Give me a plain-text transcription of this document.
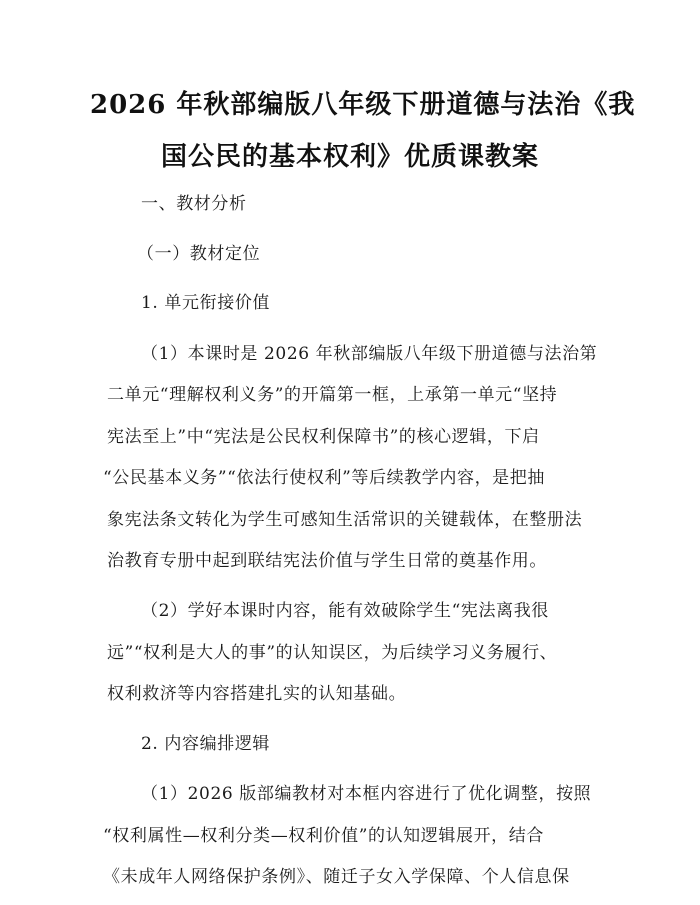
2026 年秋部编版八年级下册道德与法治《我
国公民的基本权利》优质课教案
一、教材分析
（一）教材定位
1. 单元衔接价值
（1）本课时是 2026 年秋部编版八年级下册道德与法治第
二单元“理解权利义务”的开篇第一框，上承第一单元“坚持
宪法至上”中“宪法是公民权利保障书”的核心逻辑，下启
“公民基本义务”“依法行使权利”等后续教学内容，是把抽
象宪法条文转化为学生可感知生活常识的关键载体，在整册法
治教育专册中起到联结宪法价值与学生日常的奠基作用。
（2）学好本课时内容，能有效破除学生“宪法离我很
远”“权利是大人的事”的认知误区，为后续学习义务履行、
权利救济等内容搭建扎实的认知基础。
2. 内容编排逻辑
（1）2026 版部编教材对本框内容进行了优化调整，按照
“权利属性—权利分类—权利价值”的认知逻辑展开，结合
《未成年人网络保护条例》、随迁子女入学保障、个人信息保
